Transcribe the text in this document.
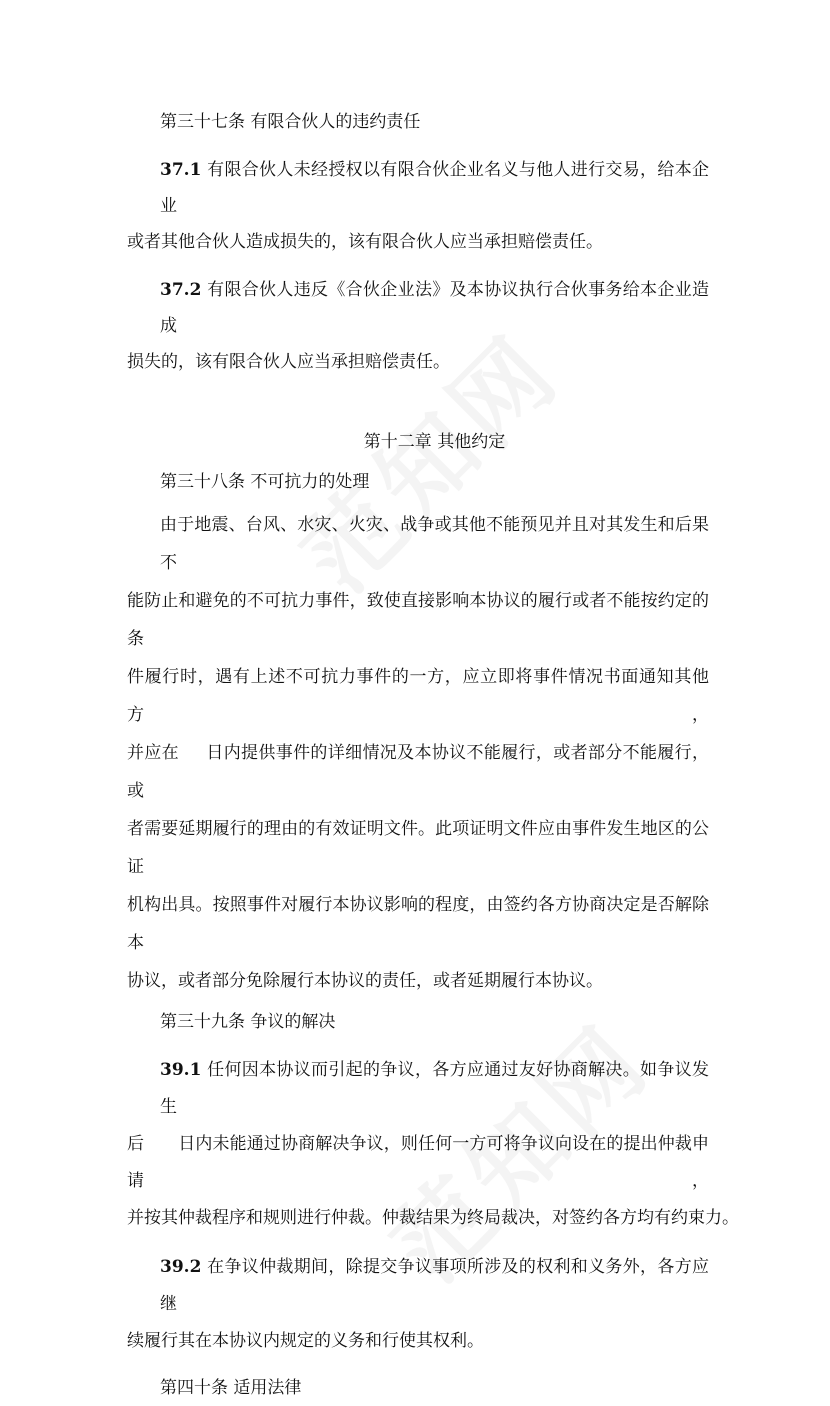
第三十七条 有限合伙人的违约责任
37.1 有限合伙人未经授权以有限合伙企业名义与他人进行交易，给本企业
或者其他合伙人造成损失的，该有限合伙人应当承担赔偿责任。
37.2 有限合伙人违反《合伙企业法》及本协议执行合伙事务给本企业造成
损失的，该有限合伙人应当承担赔偿责任。
第十二章 其他约定
第三十八条 不可抗力的处理
由于地震、台风、水灾、火灾、战争或其他不能预见并且对其发生和后果不
能防止和避免的不可抗力事件，致使直接影响本协议的履行或者不能按约定的条
件履行时，遇有上述不可抗力事件的一方，应立即将事件情况书面通知其他方，
并应在 日内提供事件的详细情况及本协议不能履行，或者部分不能履行，或
者需要延期履行的理由的有效证明文件。此项证明文件应由事件发生地区的公证
机构出具。按照事件对履行本协议影响的程度，由签约各方协商决定是否解除本
协议，或者部分免除履行本协议的责任，或者延期履行本协议。
第三十九条 争议的解决
39.1 任何因本协议而引起的争议，各方应通过友好协商解决。如争议发生
后 日内未能通过协商解决争议，则任何一方可将争议向设在的提出仲裁申请，
并按其仲裁程序和规则进行仲裁。仲裁结果为终局裁决，对签约各方均有约束力。
39.2 在争议仲裁期间，除提交争议事项所涉及的权利和义务外，各方应继
续履行其在本协议内规定的义务和行使其权利。
第四十条 适用法律
